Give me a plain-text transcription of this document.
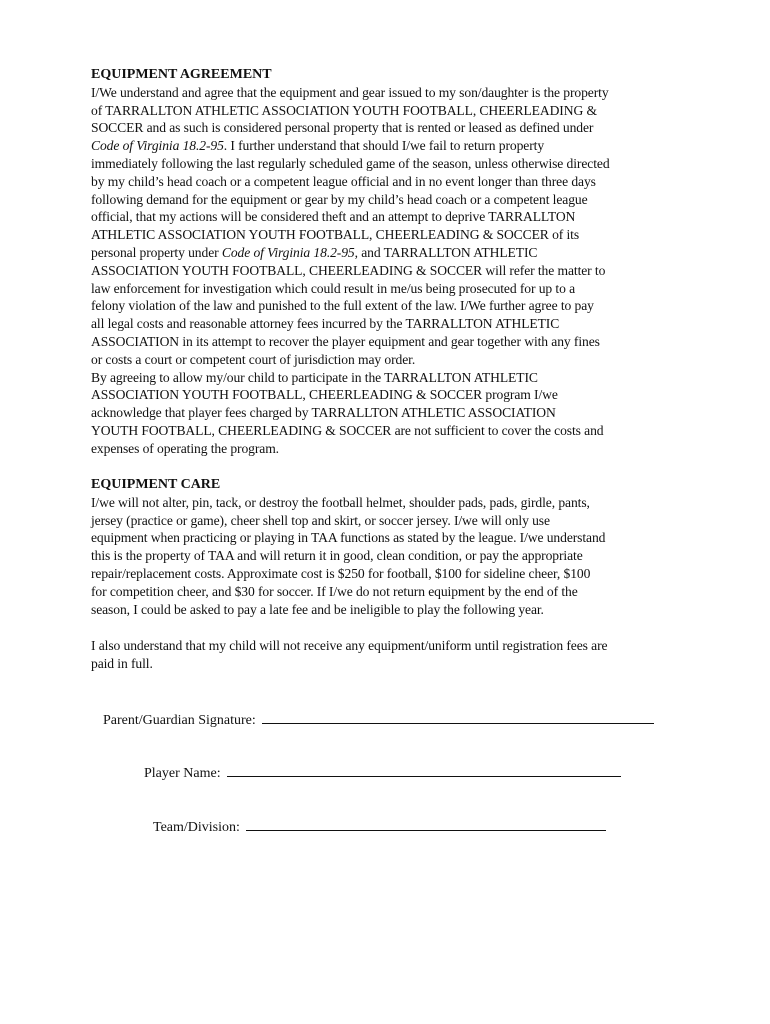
EQUIPMENT AGREEMENT

I/We understand and agree that the equipment and gear issued to my son/daughter is the property
of TARRALLTON ATHLETIC ASSOCIATION YOUTH FOOTBALL, CHEERLEADING &
SOCCER and as such is considered personal property that is rented or leased as defined under
Code of Virginia 18.2-95. I further understand that should I/we fail to return property
immediately following the last regularly scheduled game of the season, unless otherwise directed
by my child’s head coach or a competent league official and in no event longer than three days
following demand for the equipment or gear by my child’s head coach or a competent league
official, that my actions will be considered theft and an attempt to deprive TARRALLTON
ATHLETIC ASSOCIATION YOUTH FOOTBALL, CHEERLEADING & SOCCER of its
personal property under Code of Virginia 18.2-95, and TARRALLTON ATHLETIC
ASSOCIATION YOUTH FOOTBALL, CHEERLEADING & SOCCER will refer the matter to
law enforcement for investigation which could result in me/us being prosecuted for up to a
felony violation of the law and punished to the full extent of the law. I/We further agree to pay
all legal costs and reasonable attorney fees incurred by the TARRALLTON ATHLETIC
ASSOCIATION in its attempt to recover the player equipment and gear together with any fines
or costs a court or competent court of jurisdiction may order.
By agreeing to allow my/our child to participate in the TARRALLTON ATHLETIC
ASSOCIATION YOUTH FOOTBALL, CHEERLEADING & SOCCER program I/we
acknowledge that player fees charged by TARRALLTON ATHLETIC ASSOCIATION
YOUTH FOOTBALL, CHEERLEADING & SOCCER are not sufficient to cover the costs and
expenses of operating the program.

EQUIPMENT CARE

I/we will not alter, pin, tack, or destroy the football helmet, shoulder pads, pads, girdle, pants,
jersey (practice or game), cheer shell top and skirt, or soccer jersey. I/we will only use
equipment when practicing or playing in TAA functions as stated by the league. I/we understand
this is the property of TAA and will return it in good, clean condition, or pay the appropriate
repair/replacement costs. Approximate cost is $250 for football, $100 for sideline cheer, $100
for competition cheer, and $30 for soccer. If I/we do not return equipment by the end of the
season, I could be asked to pay a late fee and be ineligible to play the following year.
I also understand that my child will not receive any equipment/uniform until registration fees are
paid in full.
Parent/Guardian Signature:
Player Name:
Team/Division:
